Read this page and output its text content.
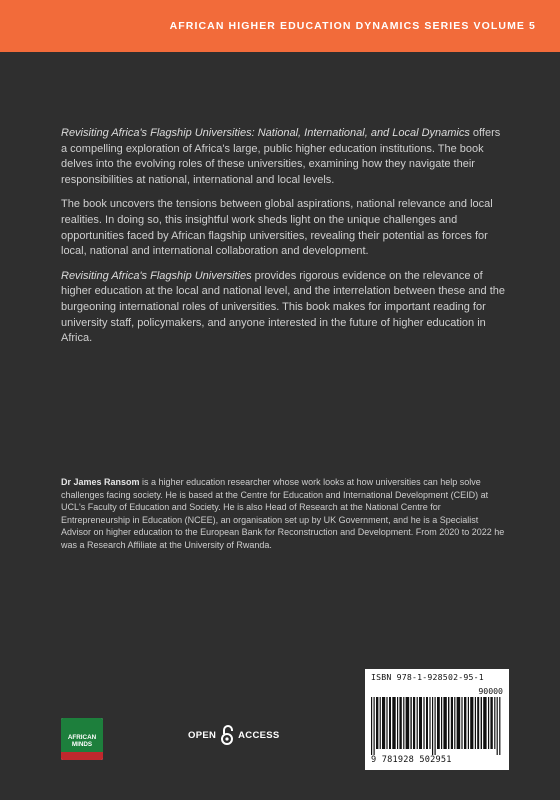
AFRICAN HIGHER EDUCATION DYNAMICS SERIES VOLUME 5

Revisiting Africa's Flagship Universities: National, International, and Local Dynamics offers a compelling exploration of Africa's large, public higher education institutions. The book delves into the evolving roles of these universities, examining how they navigate their responsibilities at national, international and local levels.

The book uncovers the tensions between global aspirations, national relevance and local realities. In doing so, this insightful work sheds light on the unique challenges and opportunities faced by African flagship universities, revealing their potential as forces for local, national and international collaboration and development.

Revisiting Africa's Flagship Universities provides rigorous evidence on the relevance of higher education at the local and national level, and the interrelation between these and the burgeoning international roles of universities. This book makes for important reading for university staff, policymakers, and anyone interested in the future of higher education in Africa.

Dr James Ransom is a higher education researcher whose work looks at how universities can help solve challenges facing society. He is based at the Centre for Education and International Development (CEID) at UCL's Faculty of Education and Society. He is also Head of Research at the National Centre for Entrepreneurship in Education (NCEE), an organisation set up by UK Government, and he is a Specialist Advisor on higher education to the European Bank for Reconstruction and Development. From 2020 to 2022 he was a Research Affiliate at the University of Rwanda.
AFRICAN
MINDS
OPEN ACCESS
ISBN 978-1-928502-95-1
90000
9 781928 502951
